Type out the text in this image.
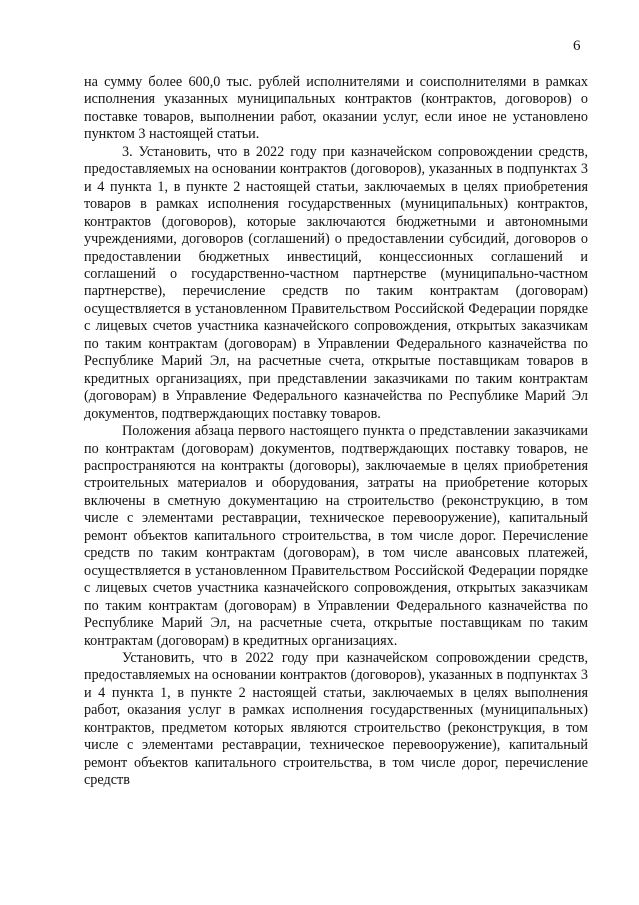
6

на сумму более 600,0 тыс. рублей исполнителями и соисполнителями в рамках исполнения указанных муниципальных контрактов (контрактов, договоров) о поставке товаров, выполнении работ, оказании услуг, если иное не установлено пунктом 3 настоящей статьи.

3. Установить, что в 2022 году при казначейском сопровождении средств, предоставляемых на основании контрактов (договоров), указанных в подпунктах 3 и 4 пункта 1, в пункте 2 настоящей статьи, заключаемых в целях приобретения товаров в рамках исполнения государственных (муниципальных) контрактов, контрактов (договоров), которые заключаются бюджетными и автономными учреждениями, договоров (соглашений) о предоставлении субсидий, договоров о предоставлении бюджетных инвестиций, концессионных соглашений и соглашений о государственно-частном партнерстве (муниципально-частном партнерстве), перечисление средств по таким контрактам (договорам) осуществляется в установленном Правительством Российской Федерации порядке с лицевых счетов участника казначейского сопровождения, открытых заказчикам по таким контрактам (договорам) в Управлении Федерального казначейства по Республике Марий Эл, на расчетные счета, открытые поставщикам товаров в кредитных организациях, при представлении заказчиками по таким контрактам (договорам) в Управление Федерального казначейства по Республике Марий Эл документов, подтверждающих поставку товаров.

Положения абзаца первого настоящего пункта о представлении заказчиками по контрактам (договорам) документов, подтверждающих поставку товаров, не распространяются на контракты (договоры), заключаемые в целях приобретения строительных материалов и оборудования, затраты на приобретение которых включены в сметную документацию на строительство (реконструкцию, в том числе с элементами реставрации, техническое перевооружение), капитальный ремонт объектов капитального строительства, в том числе дорог. Перечисление средств по таким контрактам (договорам), в том числе авансовых платежей, осуществляется в установленном Правительством Российской Федерации порядке с лицевых счетов участника казначейского сопровождения, открытых заказчикам по таким контрактам (договорам) в Управлении Федерального казначейства по Республике Марий Эл, на расчетные счета, открытые поставщикам по таким контрактам (договорам) в кредитных организациях.

Установить, что в 2022 году при казначейском сопровождении средств, предоставляемых на основании контрактов (договоров), указанных в подпунктах 3 и 4 пункта 1, в пункте 2 настоящей статьи, заключаемых в целях выполнения работ, оказания услуг в рамках исполнения государственных (муниципальных) контрактов, предметом которых являются строительство (реконструкция, в том числе с элементами реставрации, техническое перевооружение), капитальный ремонт объектов капитального строительства, в том числе дорог, перечисление средств
